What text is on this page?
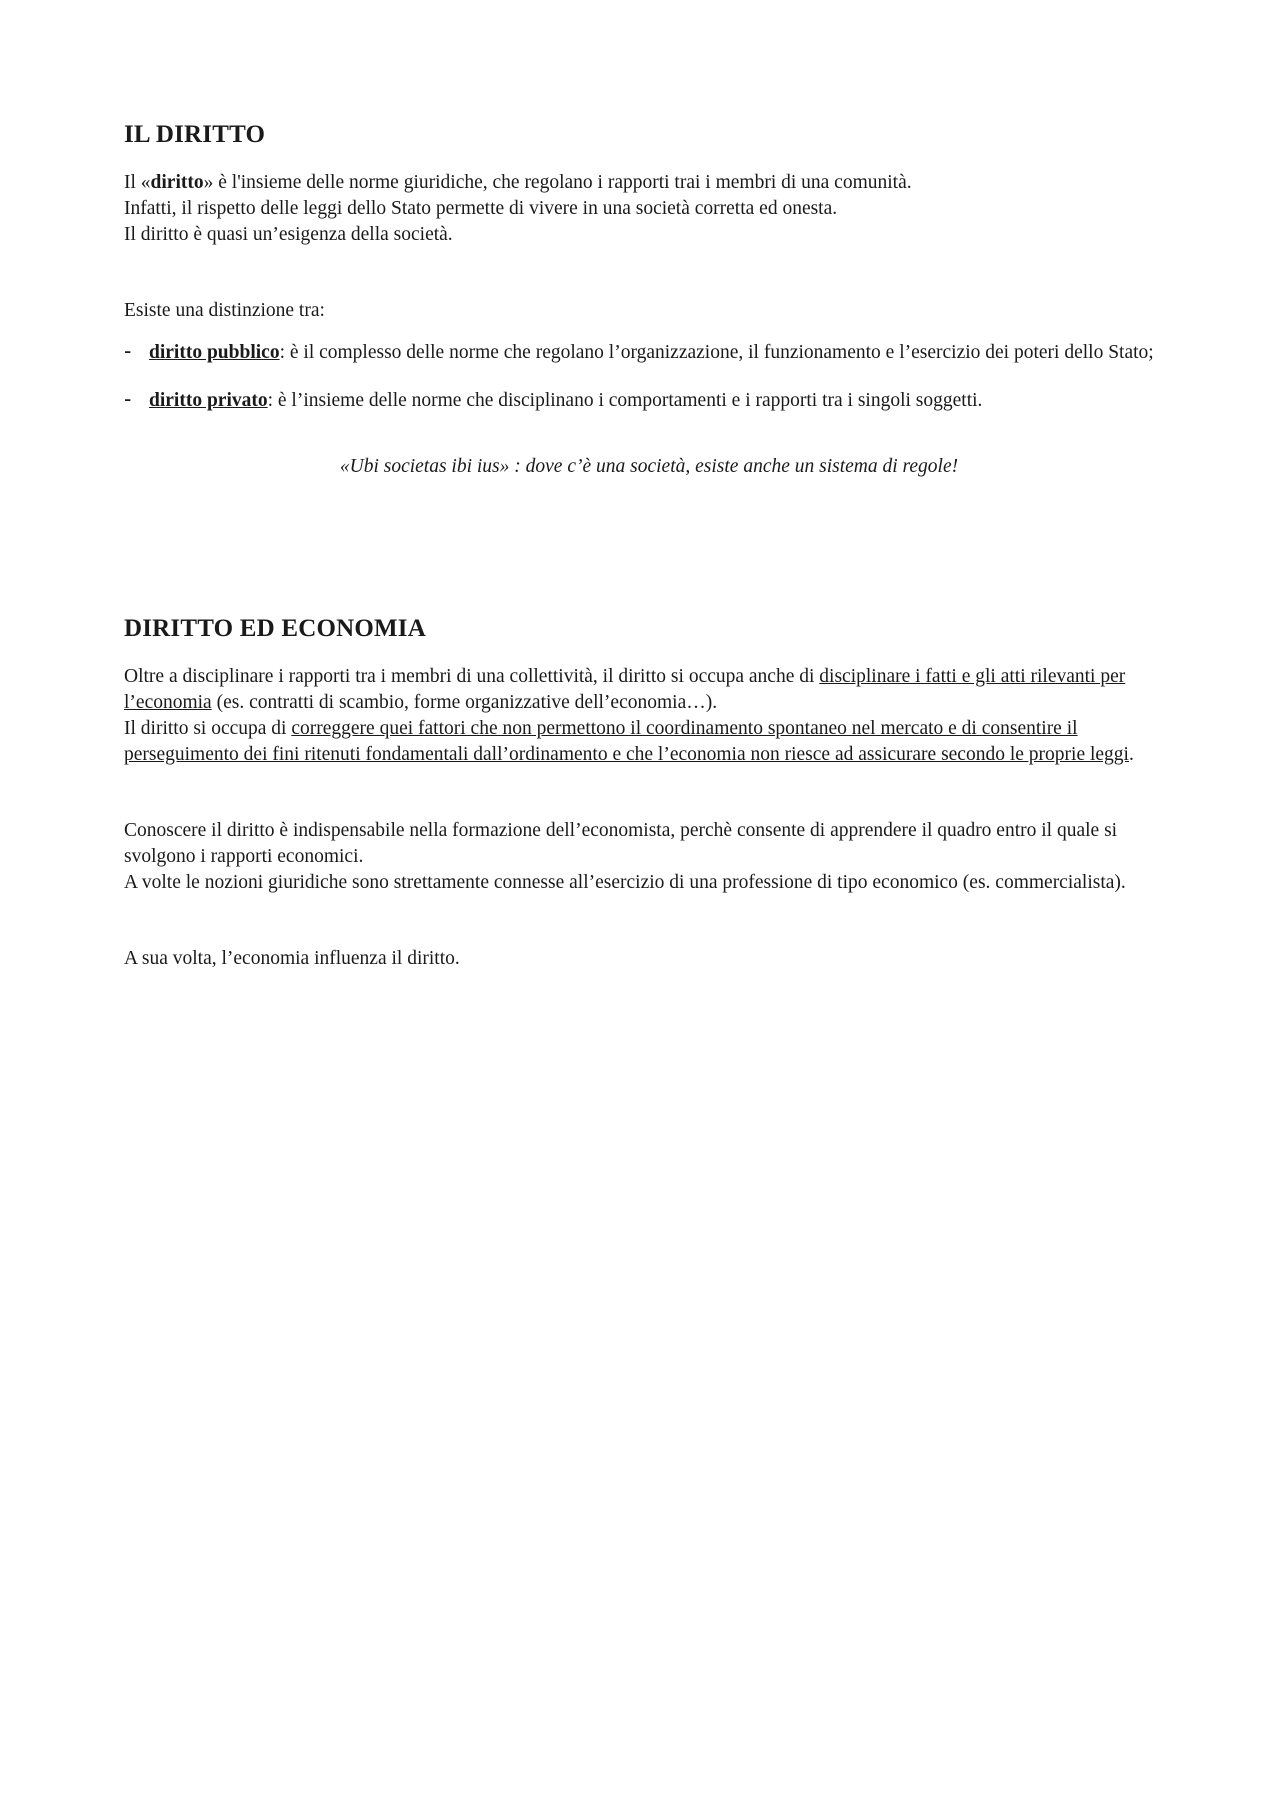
IL DIRITTO

Il «diritto» è l'insieme delle norme giuridiche, che regolano i rapporti trai i membri di una comunità.
Infatti, il rispetto delle leggi dello Stato permette di vivere in una società corretta ed onesta.
Il diritto è quasi un’esigenza della società.

Esiste una distinzione tra:

- diritto pubblico: è il complesso delle norme che regolano l’organizzazione, il funzionamento e l’esercizio dei poteri dello Stato;
- diritto privato: è l’insieme delle norme che disciplinano i comportamenti e i rapporti tra i singoli soggetti.

«Ubi societas ibi ius» : dove c’è una società, esiste anche un sistema di regole!

DIRITTO ED ECONOMIA

Oltre a disciplinare i rapporti tra i membri di una collettività, il diritto si occupa anche di disciplinare i fatti e gli atti rilevanti per l’economia (es. contratti di scambio, forme organizzative dell’economia…).

Il diritto si occupa di correggere quei fattori che non permettono il coordinamento spontaneo nel mercato e di consentire il perseguimento dei fini ritenuti fondamentali dall’ordinamento e che l’economia non riesce ad assicurare secondo le proprie leggi.

Conoscere il diritto è indispensabile nella formazione dell’economista, perchè consente di apprendere il quadro entro il quale si svolgono i rapporti economici.
A volte le nozioni giuridiche sono strettamente connesse all’esercizio di una professione di tipo economico (es. commercialista).

A sua volta, l’economia influenza il diritto.
